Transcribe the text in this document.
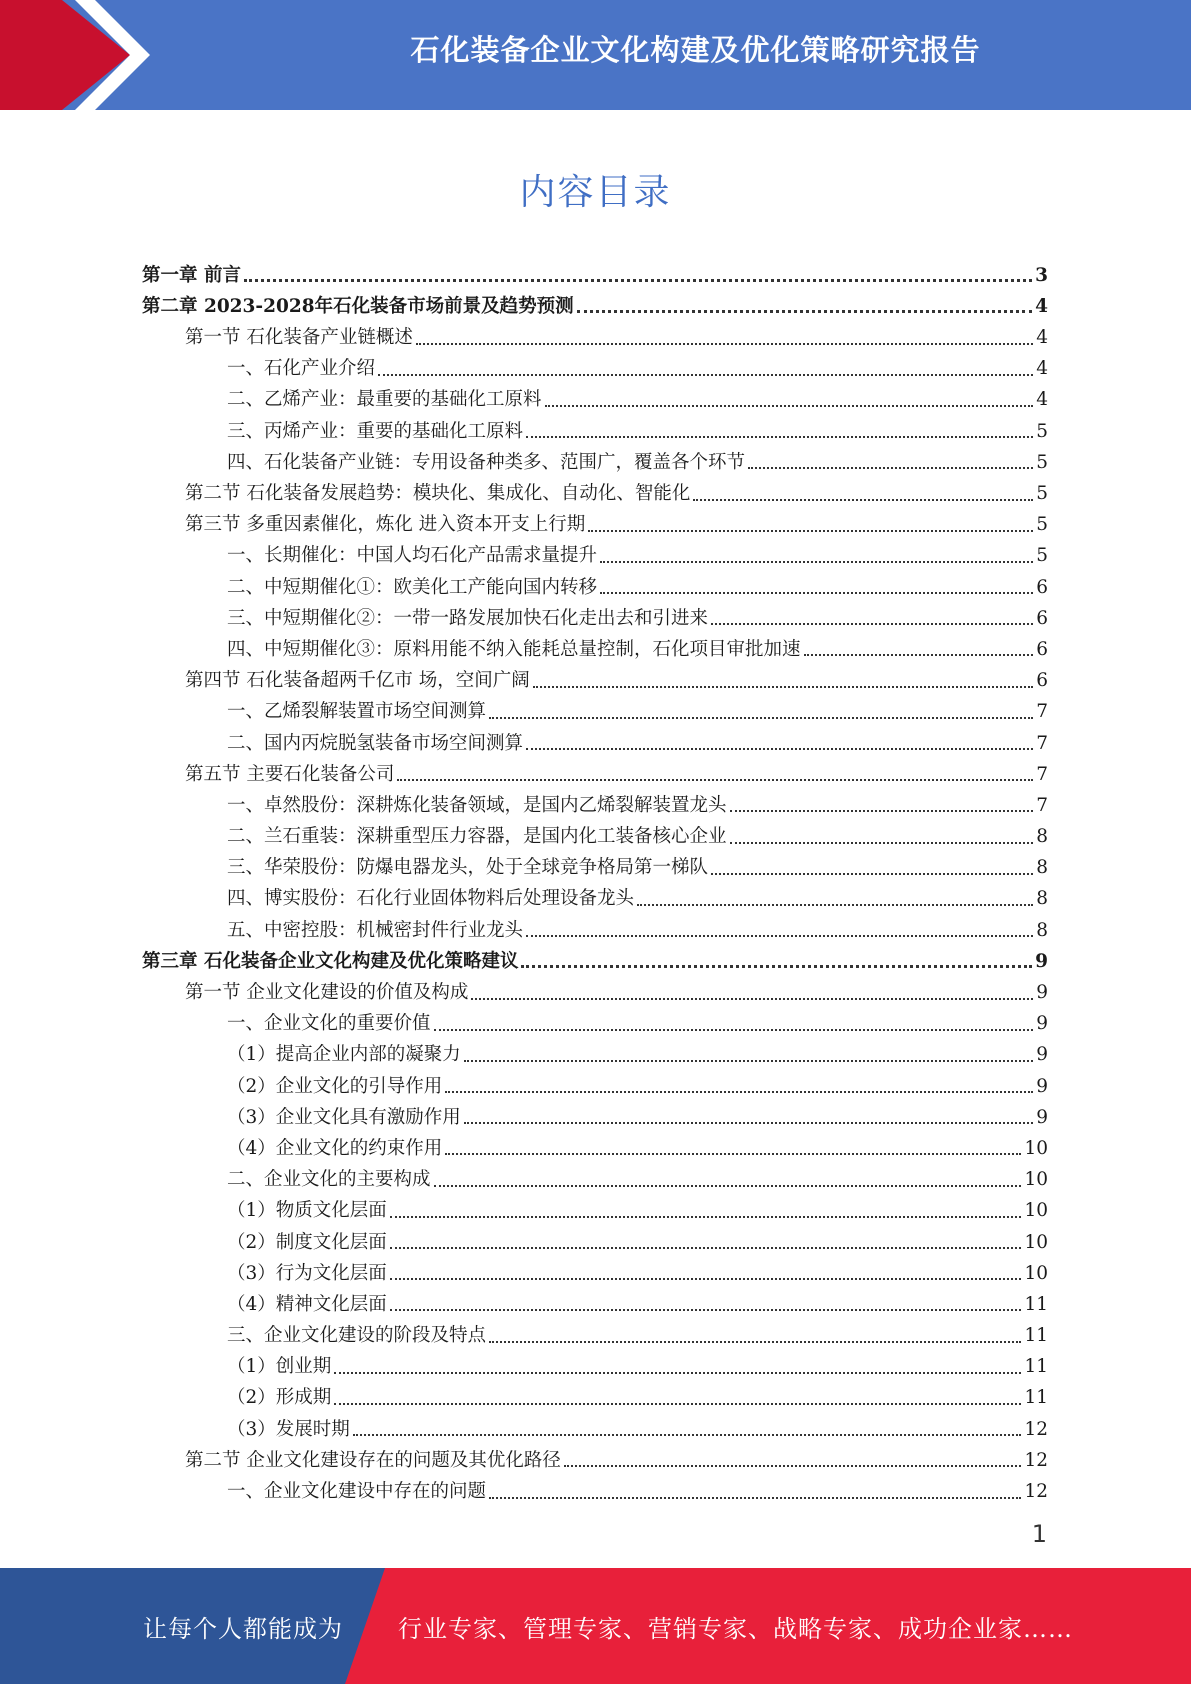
石化装备企业文化构建及优化策略研究报告
内容目录
第一章 前言	3
第二章 2023-2028年石化装备市场前景及趋势预测	4
第一节 石化装备产业链概述	4
一、石化产业介绍	4
二、乙烯产业：最重要的基础化工原料	4
三、丙烯产业：重要的基础化工原料	5
四、石化装备产业链：专用设备种类多、范围广，覆盖各个环节	5
第二节 石化装备发展趋势：模块化、集成化、自动化、智能化	5
第三节 多重因素催化，炼化 进入资本开支上行期	5
一、长期催化：中国人均石化产品需求量提升	5
二、中短期催化①：欧美化工产能向国内转移	6
三、中短期催化②：一带一路发展加快石化走出去和引进来	6
四、中短期催化③：原料用能不纳入能耗总量控制，石化项目审批加速	6
第四节 石化装备超两千亿市 场，空间广阔	6
一、乙烯裂解装置市场空间测算	7
二、国内丙烷脱氢装备市场空间测算	7
第五节 主要石化装备公司	7
一、卓然股份：深耕炼化装备领域，是国内乙烯裂解装置龙头	7
二、兰石重装：深耕重型压力容器，是国内化工装备核心企业	8
三、华荣股份：防爆电器龙头，处于全球竞争格局第一梯队	8
四、博实股份：石化行业固体物料后处理设备龙头	8
五、中密控股：机械密封件行业龙头	8
第三章 石化装备企业文化构建及优化策略建议	9
第一节 企业文化建设的价值及构成	9
一、企业文化的重要价值	9
（1）提高企业内部的凝聚力	9
（2）企业文化的引导作用	9
（3）企业文化具有激励作用	9
（4）企业文化的约束作用	10
二、企业文化的主要构成	10
（1）物质文化层面	10
（2）制度文化层面	10
（3）行为文化层面	10
（4）精神文化层面	11
三、企业文化建设的阶段及特点	11
（1）创业期	11
（2）形成期	11
（3）发展时期	12
第二节 企业文化建设存在的问题及其优化路径	12
一、企业文化建设中存在的问题	12
1
让每个人都能成为 行业专家、管理专家、营销专家、战略专家、成功企业家……
